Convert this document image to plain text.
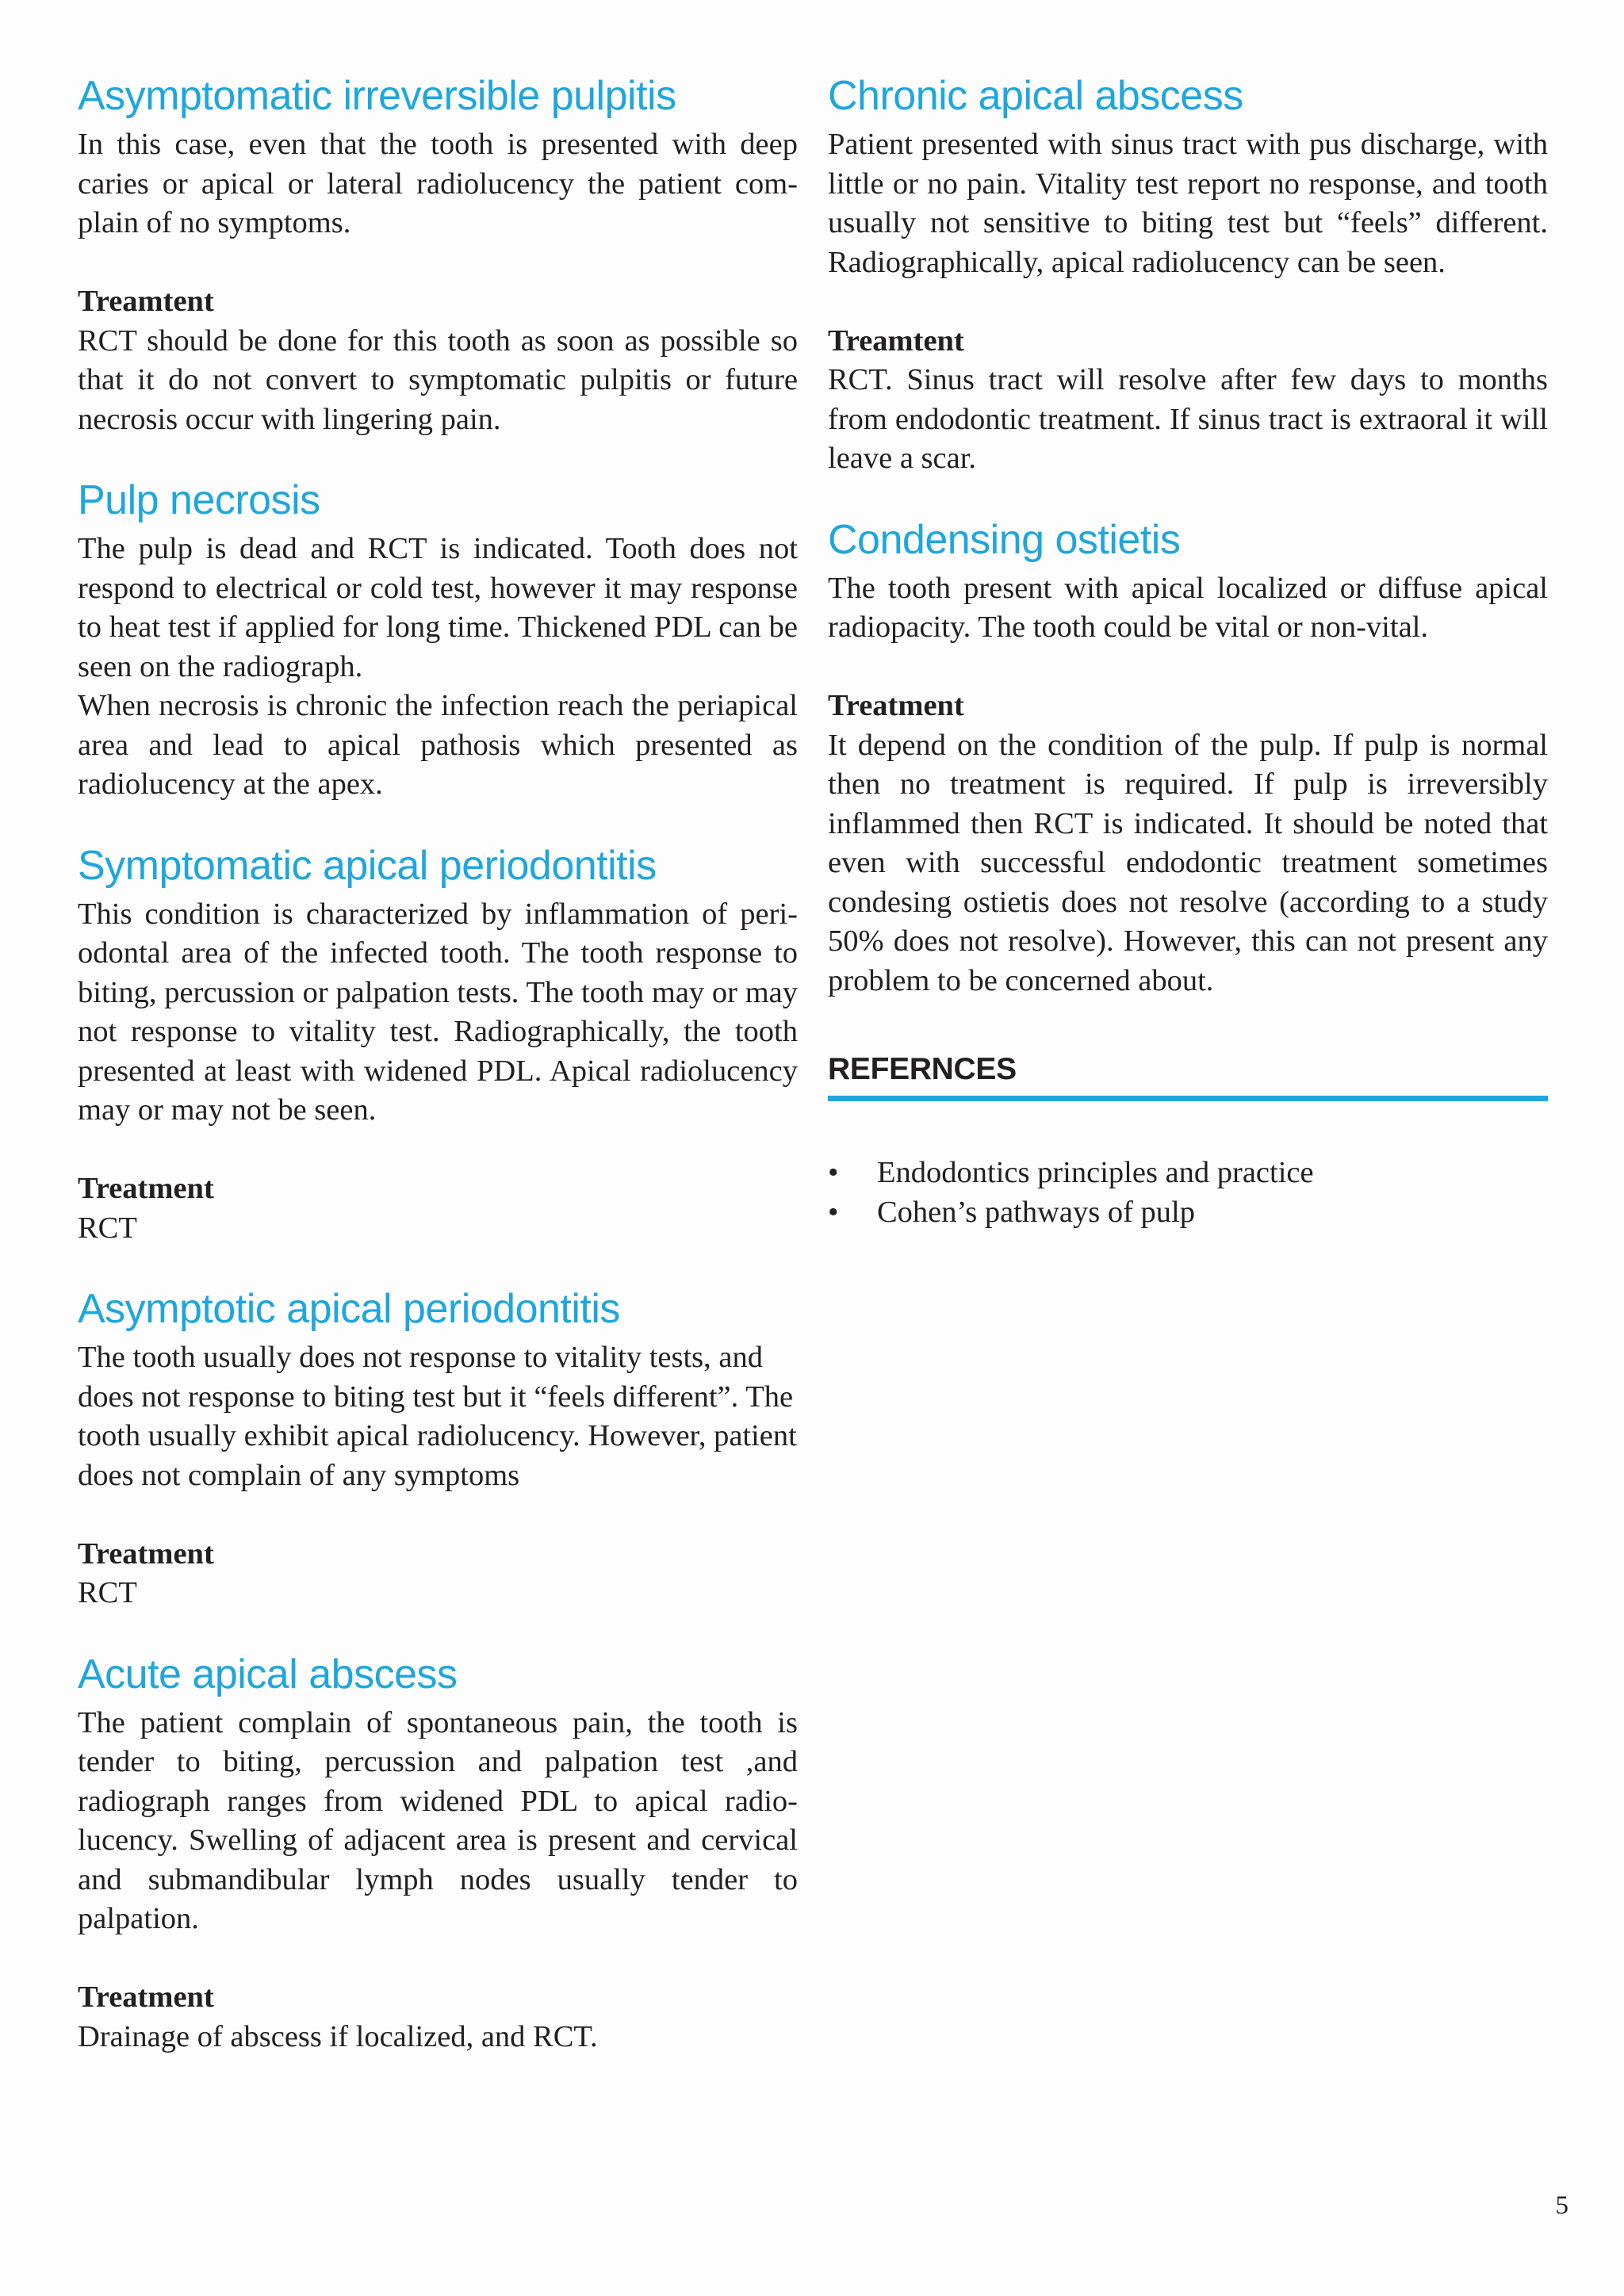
Asymptomatic irreversible pulpitis

In this case, even that the tooth is presented with deep caries or apical or lateral radiolucency the patient complain of no symptoms.

Treamtent

RCT should be done for this tooth as soon as possible so that it do not convert to symptomatic pulpitis or future necrosis occur with lingering pain.

Pulp necrosis

The pulp is dead and RCT is indicated. Tooth does not respond to electrical or cold test, however it may response to heat test if applied for long time. Thickened PDL can be seen on the radiograph.

When necrosis is chronic the infection reach the periapical area and lead to apical pathosis which presented as radiolucency at the apex.

Symptomatic apical periodontitis

This condition is characterized by inflammation of periodontal area of the infected tooth. The tooth response to biting, percussion or palpation tests. The tooth may or may not response to vitality test. Radiographically, the tooth presented at least with widened PDL. Apical radiolucency may or may not be seen.

Treatment

RCT

Asymptotic apical periodontitis

The tooth usually does not response to vitality tests, and does not response to biting test but it “feels different”. The tooth usually exhibit apical radiolucency. However, patient does not complain of any symptoms

Treatment

RCT

Acute apical abscess

The patient complain of spontaneous pain, the tooth is tender to biting, percussion and palpation test ,and radiograph ranges from widened PDL to apical radiolucency. Swelling of adjacent area is present and cervical and submandibular lymph nodes usually tender to palpation.

Treatment

Drainage of abscess if localized, and RCT.

Chronic apical abscess

Patient presented with sinus tract with pus discharge, with little or no pain. Vitality test report no response, and tooth usually not sensitive to biting test but “feels” different. Radiographically, apical radiolucency can be seen.

Treamtent

RCT. Sinus tract will resolve after few days to months from endodontic treatment. If sinus tract is extraoral it will leave a scar.

Condensing ostietis

The tooth present with apical localized or diffuse apical radiopacity. The tooth could be vital or non-vital.

Treatment

It depend on the condition of the pulp. If pulp is normal then no treatment is required. If pulp is irreversibly inflammed then RCT is indicated. It should be noted that even with successful endodontic treatment sometimes condesing ostietis does not resolve (according to a study 50% does not resolve). However, this can not present any problem to be concerned about.

REFERNCES
• Endodontics principles and practice
• Cohen’s pathways of pulp
5
